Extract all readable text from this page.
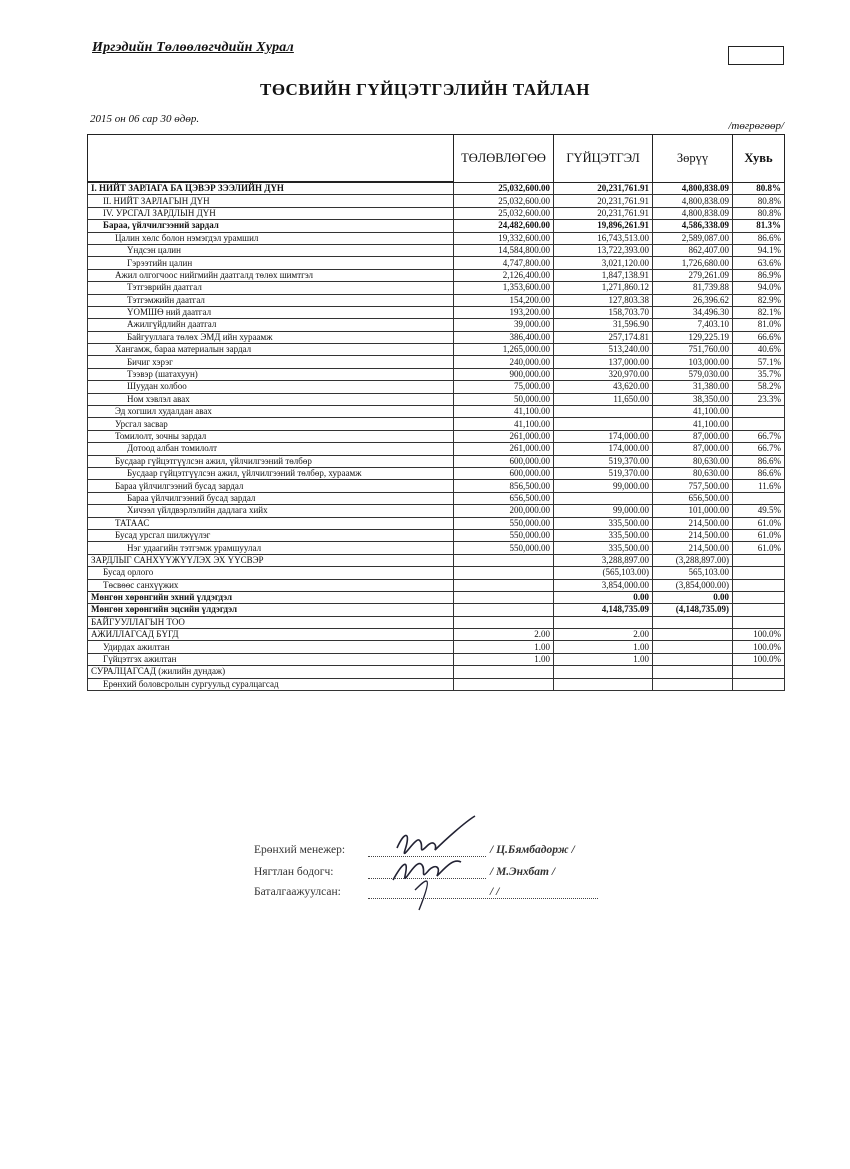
Иргэдийн Төлөөлөгчдийн Хурал
ТӨСВИЙН ГҮЙЦЭТГЭЛИЙН ТАЙЛАН
2015 он 06 сар 30 өдөр.
/төгрөгөөр/
	ТӨЛӨВЛӨГӨӨ	ГҮЙЦЭТГЭЛ	Зөрүү	Хувь
I. НИЙТ ЗАРЛАГА БА ЦЭВЭР ЗЭЭЛИЙН ДҮН	25,032,600.00	20,231,761.91	4,800,838.09	80.8%
II. НИЙТ ЗАРЛАГЫН ДҮН	25,032,600.00	20,231,761.91	4,800,838.09	80.8%
IV. УРСГАЛ ЗАРДЛЫН ДҮН	25,032,600.00	20,231,761.91	4,800,838.09	80.8%
Бараа, үйлчилгээний зардал	24,482,600.00	19,896,261.91	4,586,338.09	81.3%
Цалин хөлс болон нэмэгдэл урамшил	19,332,600.00	16,743,513.00	2,589,087.00	86.6%
Үндсэн цалин	14,584,800.00	13,722,393.00	862,407.00	94.1%
Гэрээтийн цалин	4,747,800.00	3,021,120.00	1,726,680.00	63.6%
Ажил олгогчоос нийгмийн даатгалд төлөх шимтгэл	2,126,400.00	1,847,138.91	279,261.09	86.9%
Тэтгэврийн даатгал	1,353,600.00	1,271,860.12	81,739.88	94.0%
Тэтгэмжийн даатгал	154,200.00	127,803.38	26,396.62	82.9%
ҮОМШӨ ний даатгал	193,200.00	158,703.70	34,496.30	82.1%
Ажилгүйдлийн даатгал	39,000.00	31,596.90	7,403.10	81.0%
Байгууллага төлөх ЭМД ийн хураамж	386,400.00	257,174.81	129,225.19	66.6%
Хангамж, бараа материалын зардал	1,265,000.00	513,240.00	751,760.00	40.6%
Бичиг хэрэг	240,000.00	137,000.00	103,000.00	57.1%
Тээвэр (шатахуун)	900,000.00	320,970.00	579,030.00	35.7%
Шуудан холбоо	75,000.00	43,620.00	31,380.00	58.2%
Ном хэвлэл авах	50,000.00	11,650.00	38,350.00	23.3%
Эд хогшил худалдан авах	41,100.00		41,100.00	
Урсгал засвар	41,100.00		41,100.00	
Томилолт, зочны зардал	261,000.00	174,000.00	87,000.00	66.7%
Дотоод албан томилолт	261,000.00	174,000.00	87,000.00	66.7%
Бусдаар гүйцэтгүүлсэн ажил, үйлчилгээний төлбөр	600,000.00	519,370.00	80,630.00	86.6%
Бусдаар гүйцэтгүүлсэн ажил, үйлчилгээний төлбөр, хураамж	600,000.00	519,370.00	80,630.00	86.6%
Бараа үйлчилгээний бусад зардал	856,500.00	99,000.00	757,500.00	11.6%
Бараа үйлчилгээний бусад зардал	656,500.00		656,500.00	
Хичээл үйлдвэрлэлийн дадлага хийх	200,000.00	99,000.00	101,000.00	49.5%
ТАТААС	550,000.00	335,500.00	214,500.00	61.0%
Бусад урсгал шилжүүлэг	550,000.00	335,500.00	214,500.00	61.0%
Нэг удаагийн тэтгэмж урамшуулал	550,000.00	335,500.00	214,500.00	61.0%
ЗАРДЛЫГ САНХҮҮЖҮҮЛЭХ ЭХ ҮҮСВЭР		3,288,897.00	(3,288,897.00)	
Бусад орлого		(565,103.00)	565,103.00	
Төсвөөс санхүүжих		3,854,000.00	(3,854,000.00)	
Мөнгөн хөрөнгийн эхний үлдэгдэл		0.00	0.00	
Мөнгөн хөрөнгийн эцсийн үлдэгдэл		4,148,735.09	(4,148,735.09)	
БАЙГУУЛЛАГЫН ТОО				
АЖИЛЛАГСАД БҮГД	2.00	2.00		100.0%
Удирдах ажилтан	1.00	1.00		100.0%
Гүйцэтгэх ажилтан	1.00	1.00		100.0%
СУРАЛЦАГСАД (жилийн дундаж)				
Ерөнхий боловсролын сургуульд суралцагсад				
Ерөнхий менежер:	/ Ц.Бямбадорж /
Нягтлан бодогч:	/ М.Энхбат /
Баталгаажуулсан:	/ /
